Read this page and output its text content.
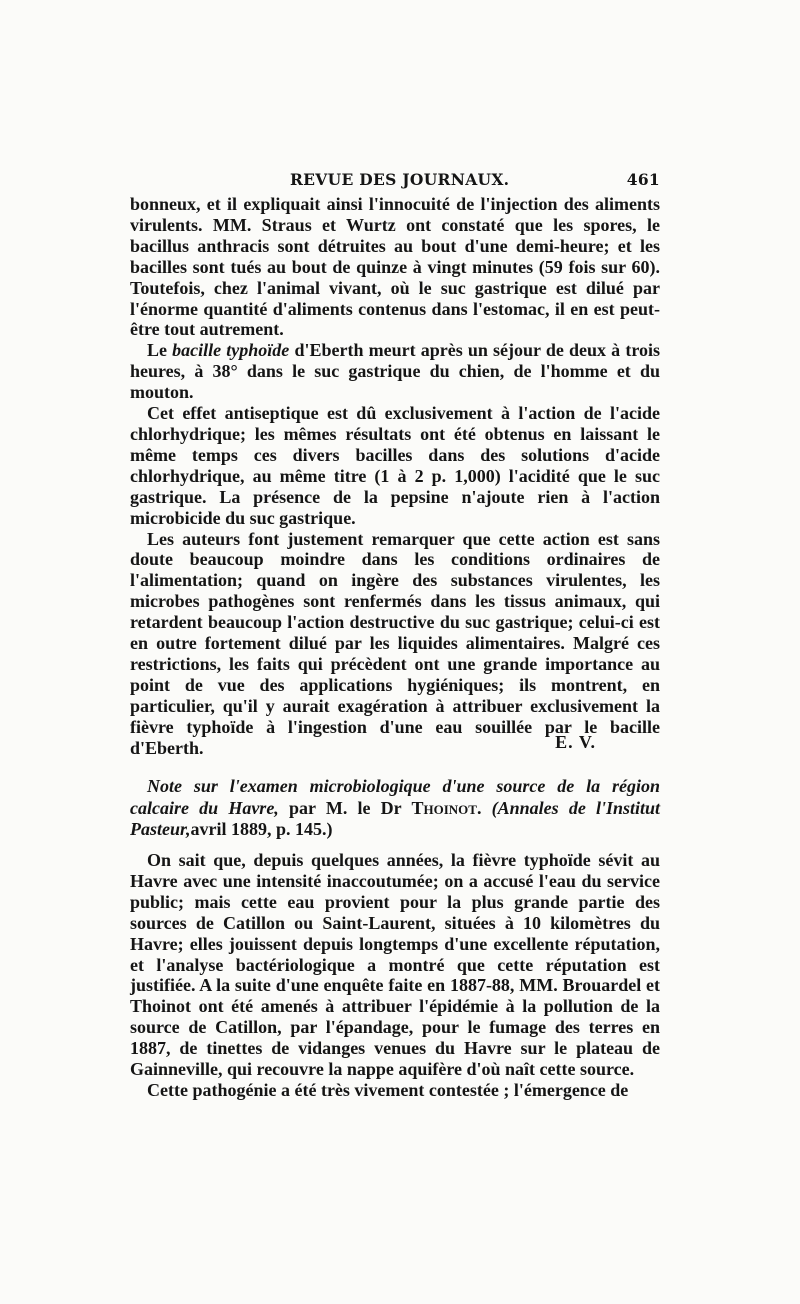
REVUE DES JOURNAUX.	461

bonneux, et il expliquait ainsi l'innocuité de l'injection des aliments virulents. MM. Straus et Wurtz ont constaté que les spores, le bacillus anthracis sont détruites au bout d'une demi-heure; et les bacilles sont tués au bout de quinze à vingt minutes (59 fois sur 60). Toutefois, chez l'animal vivant, où le suc gastrique est dilué par l'énorme quantité d'aliments contenus dans l'estomac, il en est peut-être tout autrement.

Le bacille typhoïde d'Eberth meurt après un séjour de deux à trois heures, à 38° dans le suc gastrique du chien, de l'homme et du mouton.

Cet effet antiseptique est dû exclusivement à l'action de l'acide chlorhydrique; les mêmes résultats ont été obtenus en laissant le même temps ces divers bacilles dans des solutions d'acide chlorhydrique, au même titre (1 à 2 p. 1,000) l'acidité que le suc gastrique. La présence de la pepsine n'ajoute rien à l'action microbicide du suc gastrique.

Les auteurs font justement remarquer que cette action est sans doute beaucoup moindre dans les conditions ordinaires de l'alimentation; quand on ingère des substances virulentes, les microbes pathogènes sont renfermés dans les tissus animaux, qui retardent beaucoup l'action destructive du suc gastrique; celui-ci est en outre fortement dilué par les liquides alimentaires. Malgré ces restrictions, les faits qui précèdent ont une grande importance au point de vue des applications hygiéniques; ils montrent, en particulier, qu'il y aurait exagération à attribuer exclusivement la fièvre typhoïde à l'ingestion d'une eau souillée par le bacille d'Eberth.	E. V.
Note sur l'examen microbiologique d'une source de la région calcaire du Havre, par M. le Dr Thoinot. (Annales de l'Institut Pasteur,avril 1889, p. 145.)

On sait que, depuis quelques années, la fièvre typhoïde sévit au Havre avec une intensité inaccoutumée; on a accusé l'eau du service public; mais cette eau provient pour la plus grande partie des sources de Catillon ou Saint-Laurent, situées à 10 kilomètres du Havre; elles jouissent depuis longtemps d'une excellente réputation, et l'analyse bactériologique a montré que cette réputation est justifiée. A la suite d'une enquête faite en 1887-88, MM. Brouardel et Thoinot ont été amenés à attribuer l'épidémie à la pollution de la source de Catillon, par l'épandage, pour le fumage des terres en 1887, de tinettes de vidanges venues du Havre sur le plateau de Gainneville, qui recouvre la nappe aquifère d'où naît cette source.

Cette pathogénie a été très vivement contestée ; l'émergence de
